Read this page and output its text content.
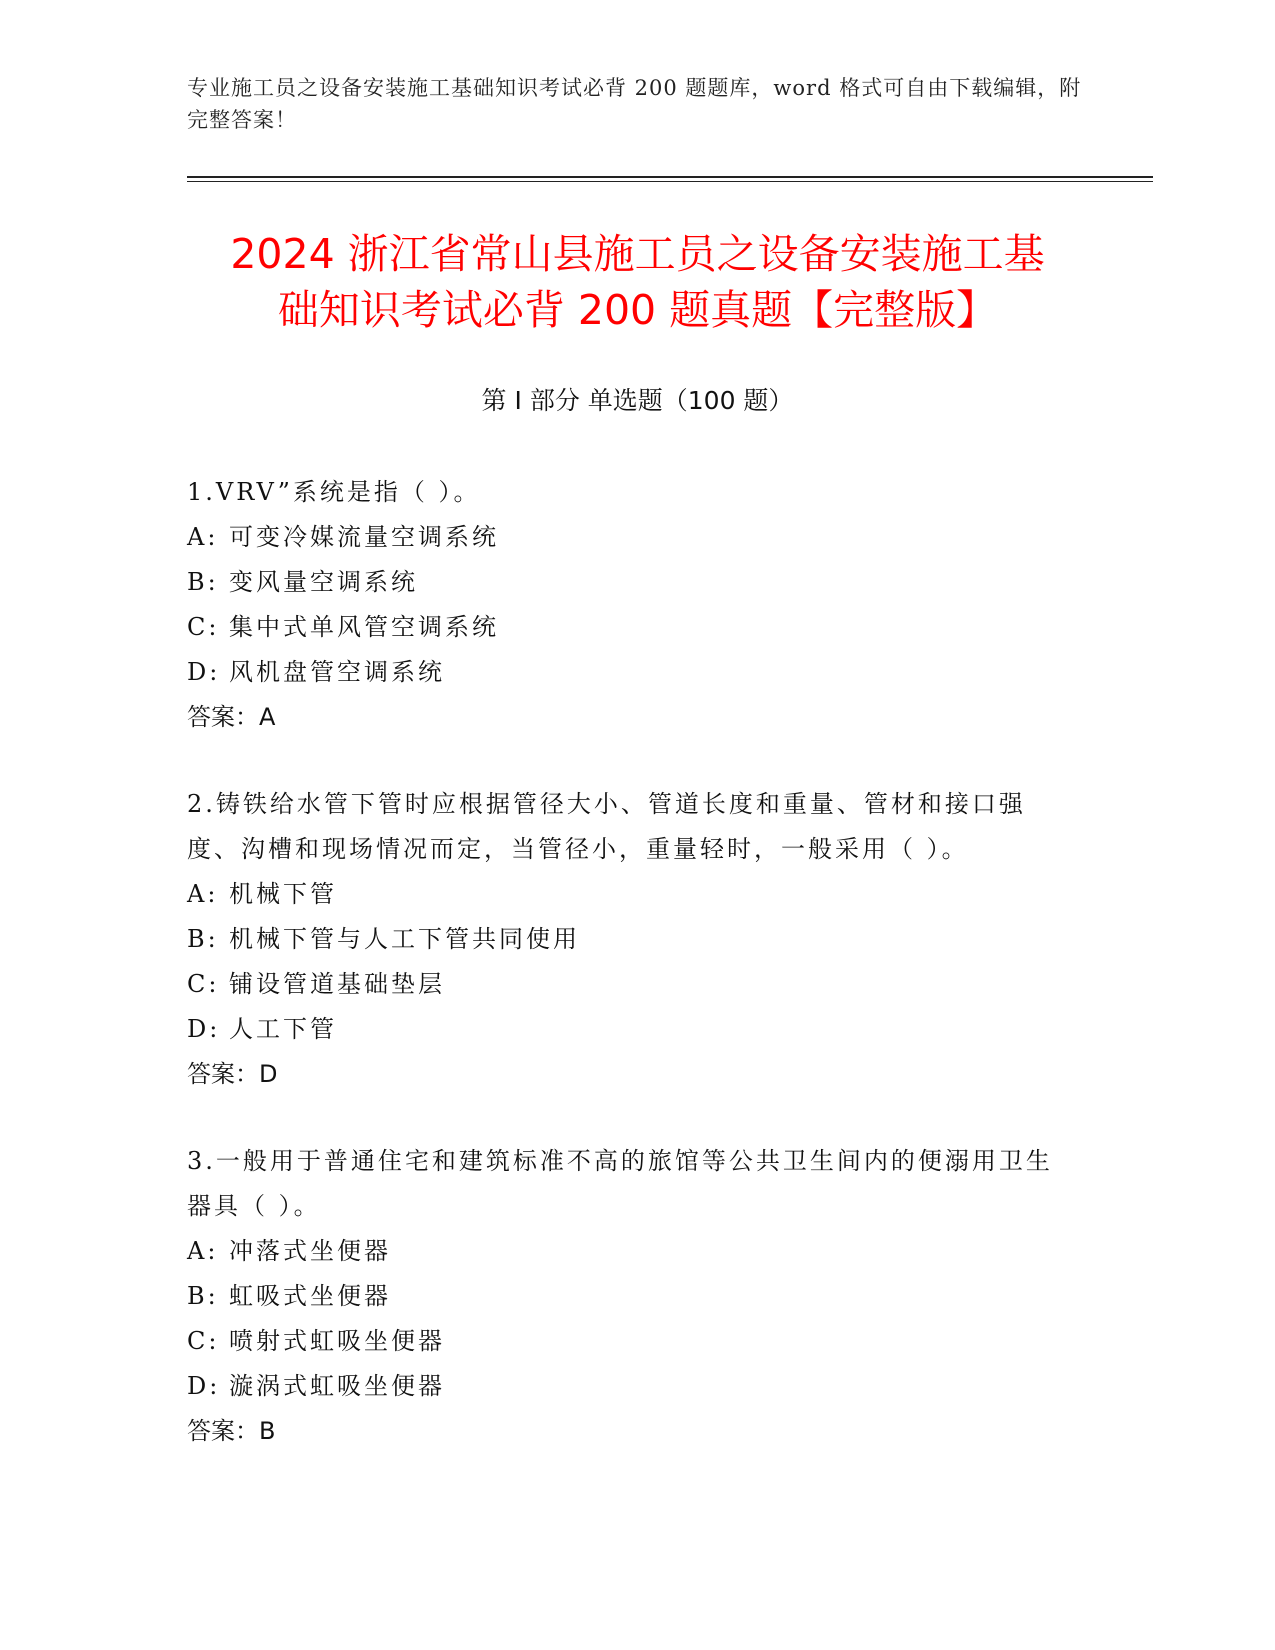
专业施工员之设备安装施工基础知识考试必背 200 题题库，word 格式可自由下载编辑，附完整答案！
2024 浙江省常山县施工员之设备安装施工基
础知识考试必背 200 题真题【完整版】
第 I 部分 单选题（100 题）
1.VRV”系统是指（ ）。
A: 可变冷媒流量空调系统
B: 变风量空调系统
C: 集中式单风管空调系统
D: 风机盘管空调系统
答案：A
2.铸铁给水管下管时应根据管径大小、管道长度和重量、管材和接口强度、沟槽和现场情况而定，当管径小，重量轻时，一般采用（ ）。
A: 机械下管
B: 机械下管与人工下管共同使用
C: 铺设管道基础垫层
D: 人工下管
答案：D
3.一般用于普通住宅和建筑标准不高的旅馆等公共卫生间内的便溺用卫生器具（ ）。
A: 冲落式坐便器
B: 虹吸式坐便器
C: 喷射式虹吸坐便器
D: 漩涡式虹吸坐便器
答案：B
